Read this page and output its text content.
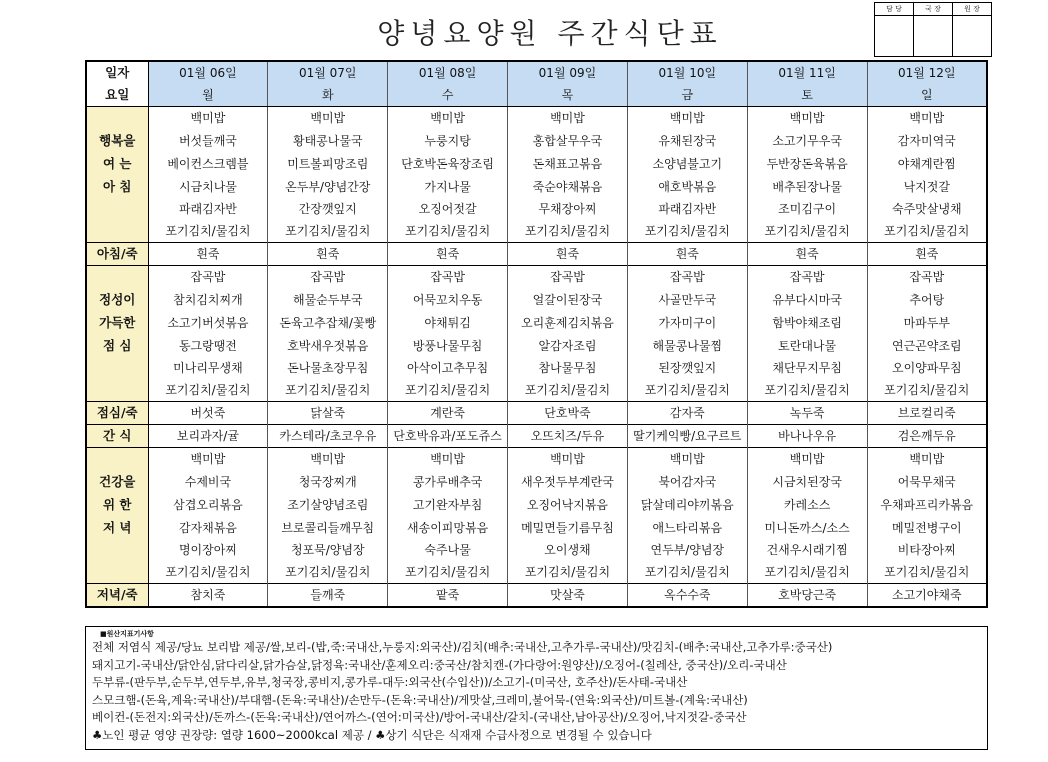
양녕요양원 주간식단표
담 당	국 장	원 장

일자	01월 06일	01월 07일	01월 08일	01월 09일	01월 10일	01월 11일	01월 12일
요일	월	화	수	목	금	토	일
	백미밥	백미밥	백미밥	백미밥	백미밥	백미밥	백미밥
행복을	버섯들깨국	황태콩나물국	누룽지탕	홍합살무우국	유채된장국	소고기무우국	감자미역국
여 는	베이컨스크렘블	미트볼피망조림	단호박돈육장조림	돈채표고볶음	소양념불고기	두반장돈육볶음	야채계란찜
아 침	시금치나물	온두부/양념간장	가지나물	죽순야채볶음	애호박볶음	배추된장나물	낙지젓갈
	파래김자반	간장깻잎지	오징어젓갈	무채장아찌	파래김자반	조미김구이	숙주맛살냉채
	포기김치/물김치	포기김치/물김치	포기김치/물김치	포기김치/물김치	포기김치/물김치	포기김치/물김치	포기김치/물김치
아침/죽	흰죽	흰죽	흰죽	흰죽	흰죽	흰죽	흰죽
	잡곡밥	잡곡밥	잡곡밥	잡곡밥	잡곡밥	잡곡밥	잡곡밥
정성이	참치김치찌개	해물순두부국	어묵꼬치우동	얼갈이된장국	사골만두국	유부다시마국	추어탕
가득한	소고기버섯볶음	돈육고추잡채/꽃빵	야채튀김	오리훈제김치볶음	가자미구이	함박야채조림	마파두부
점 심	동그랑땡전	호박새우젓볶음	방풍나물무침	알감자조림	해물콩나물찜	토란대나물	연근곤약조림
	미나리무생채	돈나물초장무침	아삭이고추무침	참나물무침	된장깻잎지	채단무지무침	오이양파무침
	포기김치/물김치	포기김치/물김치	포기김치/물김치	포기김치/물김치	포기김치/물김치	포기김치/물김치	포기김치/물김치
점심/죽	버섯죽	닭살죽	계란죽	단호박죽	감자죽	녹두죽	브로컬리죽
간 식	보리과자/귤	카스테라/초코우유	단호박유과/포도쥬스	오뜨치즈/두유	딸기케익빵/요구르트	바나나우유	검은깨두유
	백미밥	백미밥	백미밥	백미밥	백미밥	백미밥	백미밥
건강을	수제비국	청국장찌개	콩가루배추국	새우젓두부계란국	북어감자국	시금치된장국	어묵무채국
위 한	삼겹오리볶음	조기살양념조림	고기완자부침	오징어낙지볶음	닭살데리야끼볶음	카레소스	우채파프리카볶음
저 녁	감자채볶음	브로콜리들깨무침	새송이피망볶음	메밀면들기름무침	애느타리볶음	미니돈까스/소스	메밀전병구이
	명이장아찌	청포묵/양념장	숙주나물	오이생채	연두부/양념장	건새우시래기찜	비타장아찌
	포기김치/물김치	포기김치/물김치	포기김치/물김치	포기김치/물김치	포기김치/물김치	포기김치/물김치	포기김치/물김치
저녁/죽	참치죽	들깨죽	팥죽	맛살죽	옥수수죽	호박당근죽	소고기야채죽
■원산지표기사항
전체 저염식 제공/당뇨 보리밥 제공/쌀,보리-(밥,죽:국내산,누룽지:외국산)/김치(배추:국내산,고추가루-국내산)/맛김치-(배추:국내산,고추가루:중국산)
돼지고기-국내산/닭안심,닭다리살,닭가슴살,닭정육:국내산/훈제오리:중국산/참치캔-(가다랑어:원양산)/오징어-(칠레산, 중국산)/오리-국내산
두부류-(판두부,순두부,연두부,유부,청국장,콩비지,콩가루-대두:외국산(수입산))/소고기-(미국산, 호주산)/돈사태-국내산
스모크햄-(돈육,계육:국내산)/부대햄-(돈육:국내산)/손만두-(돈육:국내산)/게맛살,크레미,불어묵-(연육:외국산)/미트볼-(계육:국내산)
베이컨-(돈전지:외국산)/돈까스-(돈육:국내산)/연어까스-(연어:미국산)/방어-국내산/갈치-(국내산,남아공산)/오징어,낙지젓갈-중국산
♣노인 평균 영양 권장량: 열량 1600~2000kcal 제공 / ♣상기 식단은 식재재 수급사정으로 변경될 수 있습니다
